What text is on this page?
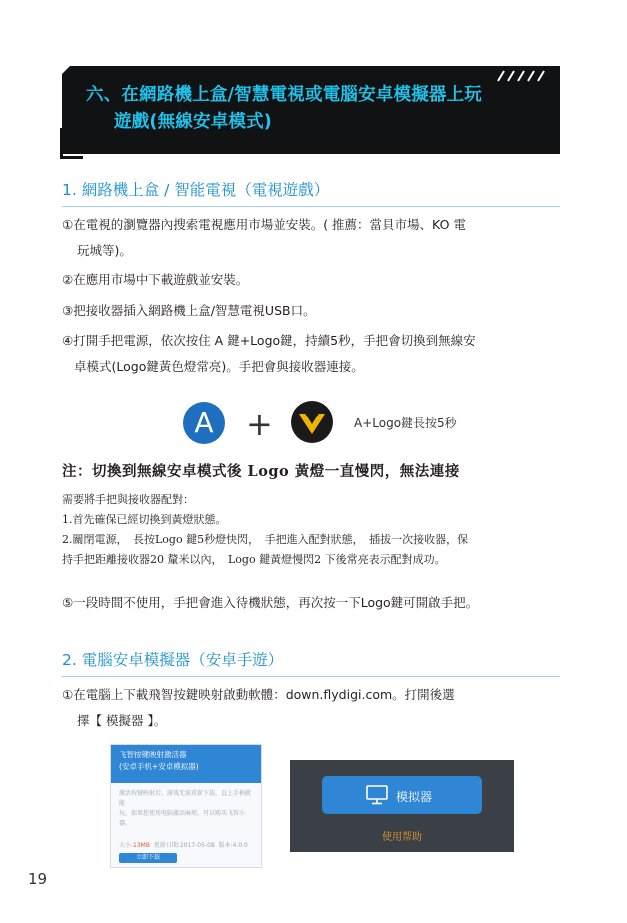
六、在網路機上盒/智慧電視或電腦安卓模擬器上玩
遊戲(無線安卓模式)
1. 網路機上盒 / 智能電視（電視遊戲）
①在電視的瀏覽器內搜索電視應用市場並安裝。( 推薦：當貝市場、KO 電
玩城等)。
②在應用市場中下載遊戲並安裝。
③把接收器插入網路機上盒/智慧電視USB口。
④打開手把電源，依次按住 A 鍵+Logo鍵，持續5秒，手把會切換到無線安
卓模式(Logo鍵黃色燈常亮)。手把會與接收器連接。
A	+	A+Logo鍵長按5秒
注：切換到無線安卓模式後 Logo 黃燈一直慢閃，無法連接
需要將手把與接收器配對：
1.首先確保已經切換到黃燈狀態。
2.關閉電源，　長按Logo 鍵5秒燈快閃，　手把進入配對狀態，　插拔一次接收器，保
持手把距離接收器20 釐米以內，　Logo 鍵黃燈慢閃2 下後常亮表示配對成功。
⑤一段時間不使用，手把會進入待機狀態，再次按一下Logo鍵可開啟手把。
2. 電腦安卓模擬器（安卓手遊）
①在電腦上下載飛智按鍵映射啟動軟體：down.flydigi.com。打開後選
擇【 模擬器 】。
飞智按键映射激活器
(安卓手机+安卓模拟器)
激活按键映射后，游戏无需重新下载，直上手柄就能
玩，如果您使用电脑激活麻烦，可以购买飞智小器。
大小:13MB 更新日期:2017-05-08 版本:4.0.0
立即下载
模拟器
使用帮助
19
